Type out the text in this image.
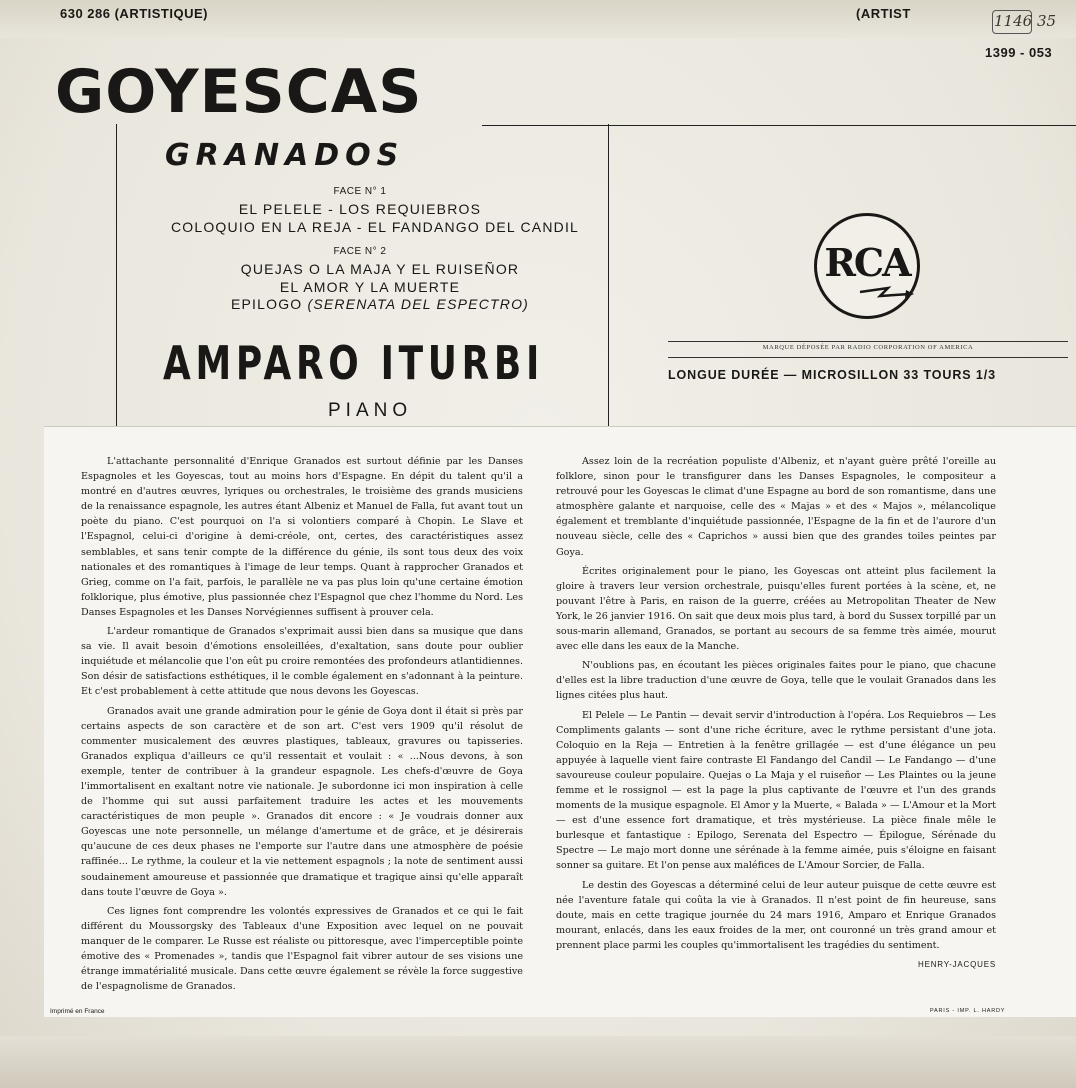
630 286 (ARTISTIQUE)	(ARTIST	1146 35
1399 - 053
GOYESCAS
GRANADOS
FACE N° 1
EL PELELE - LOS REQUIEBROS
COLOQUIO EN LA REJA - EL FANDANGO DEL CANDIL
FACE N° 2
QUEJAS O LA MAJA Y EL RUISEÑOR
EL AMOR Y LA MUERTE
EPILOGO (SERENATA DEL ESPECTRO)
AMPARO ITURBI
PIANO
RCA
MARQUE DÉPOSÉE PAR RADIO CORPORATION OF AMERICA
LONGUE DURÉE — MICROSILLON 33 TOURS 1/3

L'attachante personnalité d'Enrique Granados est surtout définie par les Danses Espagnoles et les Goyescas, tout au moins hors d'Espagne. En dépit du talent qu'il a montré en d'autres œuvres, lyriques ou orchestrales, le troisième des grands musiciens de la renaissance espagnole, les autres étant Albeniz et Manuel de Falla, fut avant tout un poète du piano. C'est pourquoi on l'a si volontiers comparé à Chopin. Le Slave et l'Espagnol, celui-ci d'origine à demi-créole, ont, certes, des caractéristiques assez semblables, et sans tenir compte de la différence du génie, ils sont tous deux des voix nationales et des romantiques à l'image de leur temps. Quant à rapprocher Granados et Grieg, comme on l'a fait, parfois, le parallèle ne va pas plus loin qu'une certaine émotion folklorique, plus émotive, plus passionnée chez l'Espagnol que chez l'homme du Nord. Les Danses Espagnoles et les Danses Norvégiennes suffisent à prouver cela.

L'ardeur romantique de Granados s'exprimait aussi bien dans sa musique que dans sa vie. Il avait besoin d'émotions ensoleillées, d'exaltation, sans doute pour oublier inquiétude et mélancolie que l'on eût pu croire remontées des profondeurs atlantidiennes. Son désir de satisfactions esthétiques, il le comble également en s'adonnant à la peinture. Et c'est probablement à cette attitude que nous devons les Goyescas.

Granados avait une grande admiration pour le génie de Goya dont il était si près par certains aspects de son caractère et de son art. C'est vers 1909 qu'il résolut de commenter musicalement des œuvres plastiques, tableaux, gravures ou tapisseries. Granados expliqua d'ailleurs ce qu'il ressentait et voulait : « ...Nous devons, à son exemple, tenter de contribuer à la grandeur espagnole. Les chefs-d'œuvre de Goya l'immortalisent en exaltant notre vie nationale. Je subordonne ici mon inspiration à celle de l'homme qui sut aussi parfaitement traduire les actes et les mouvements caractéristiques de mon peuple ». Granados dit encore : « Je voudrais donner aux Goyescas une note personnelle, un mélange d'amertume et de grâce, et je désirerais qu'aucune de ces deux phases ne l'emporte sur l'autre dans une atmosphère de poésie raffinée... Le rythme, la couleur et la vie nettement espagnols ; la note de sentiment aussi soudainement amoureuse et passionnée que dramatique et tragique ainsi qu'elle apparaît dans toute l'œuvre de Goya ».

Ces lignes font comprendre les volontés expressives de Granados et ce qui le fait différent du Moussorgsky des Tableaux d'une Exposition avec lequel on ne pouvait manquer de le comparer. Le Russe est réaliste ou pittoresque, avec l'imperceptible pointe émotive des « Promenades », tandis que l'Espagnol fait vibrer autour de ses visions une étrange immatérialité musicale. Dans cette œuvre également se révèle la force suggestive de l'espagnolisme de Granados.

Assez loin de la recréation populiste d'Albeniz, et n'ayant guère prêté l'oreille au folklore, sinon pour le transfigurer dans les Danses Espagnoles, le compositeur a retrouvé pour les Goyescas le climat d'une Espagne au bord de son romantisme, dans une atmosphère galante et narquoise, celle des « Majas » et des « Majos », mélancolique également et tremblante d'inquiétude passionnée, l'Espagne de la fin et de l'aurore d'un nouveau siècle, celle des « Caprichos » aussi bien que des grandes toiles peintes par Goya.

Écrites originalement pour le piano, les Goyescas ont atteint plus facilement la gloire à travers leur version orchestrale, puisqu'elles furent portées à la scène, et, ne pouvant l'être à Paris, en raison de la guerre, créées au Metropolitan Theater de New York, le 26 janvier 1916. On sait que deux mois plus tard, à bord du Sussex torpillé par un sous-marin allemand, Granados, se portant au secours de sa femme très aimée, mourut avec elle dans les eaux de la Manche.

N'oublions pas, en écoutant les pièces originales faites pour le piano, que chacune d'elles est la libre traduction d'une œuvre de Goya, telle que le voulait Granados dans les lignes citées plus haut.

El Pelele — Le Pantin — devait servir d'introduction à l'opéra. Los Requiebros — Les Compliments galants — sont d'une riche écriture, avec le rythme persistant d'une jota. Coloquio en la Reja — Entretien à la fenêtre grillagée — est d'une élégance un peu appuyée à laquelle vient faire contraste El Fandango del Candil — Le Fandango — d'une savoureuse couleur populaire. Quejas o La Maja y el ruiseñor — Les Plaintes ou la jeune femme et le rossignol — est la page la plus captivante de l'œuvre et l'un des grands moments de la musique espagnole. El Amor y la Muerte, « Balada » — L'Amour et la Mort — est d'une essence fort dramatique, et très mystérieuse. La pièce finale mêle le burlesque et fantastique : Epilogo, Serenata del Espectro — Épilogue, Sérénade du Spectre — Le majo mort donne une sérénade à la femme aimée, puis s'éloigne en faisant sonner sa guitare. Et l'on pense aux maléfices de L'Amour Sorcier, de Falla.

Le destin des Goyescas a déterminé celui de leur auteur puisque de cette œuvre est née l'aventure fatale qui coûta la vie à Granados. Il n'est point de fin heureuse, sans doute, mais en cette tragique journée du 24 mars 1916, Amparo et Enrique Granados mourant, enlacés, dans les eaux froides de la mer, ont couronné un très grand amour et prennent place parmi les couples qu'immortalisent les tragédies du sentiment.

HENRY-JACQUES

Imprimé en France	PARIS - IMP. L. HARDY
